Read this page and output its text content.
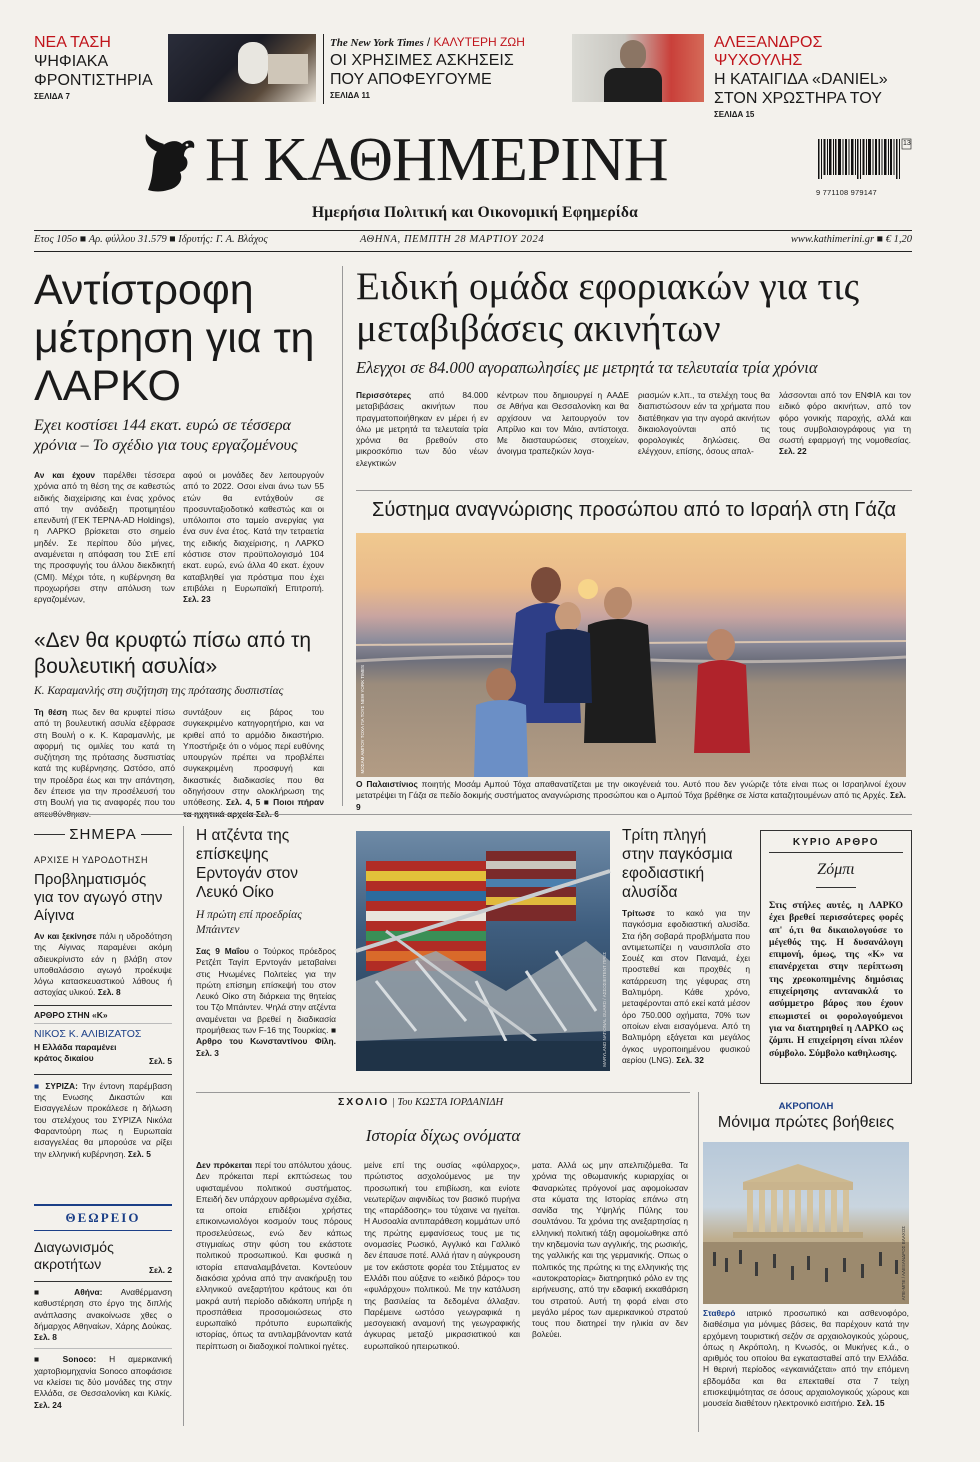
ΝΕΑ ΤΑΣΗ
ΨΗΦΙΑΚΑ ΦΡΟΝΤΙΣΤΗΡΙΑ
ΣΕΛΙΔΑ 7
The New York Times / ΚΑΛΥΤΕΡΗ ΖΩΗ
ΟΙ ΧΡΗΣΙΜΕΣ ΑΣΚΗΣΕΙΣ ΠΟΥ ΑΠΟΦΕΥΓΟΥΜΕ
ΣΕΛΙΔΑ 11
ΑΛΕΞΑΝΔΡΟΣ ΨΥΧΟΥΛΗΣ
Η ΚΑΤΑΙΓΙΔΑ «DANIEL» ΣΤΟΝ ΧΡΩΣΤΗΡΑ ΤΟΥ
ΣΕΛΙΔΑ 15
Η ΚΑΘΗΜΕΡΙΝΗ	13
9 771108 979147
Ημερήσια Πολιτική και Οικονομική Εφημερίδα
Ετος 105ο ■ Αρ. φύλλου 31.579 ■ Ιδρυτής: Γ. Α. Βλάχος	ΑΘΗΝΑ, ΠΕΜΠΤΗ 28 ΜΑΡΤΙΟΥ 2024	www.kathimerini.gr ■ € 1,20
Αντίστροφη μέτρηση για τη ΛΑΡΚΟ
Εχει κοστίσει 144 εκατ. ευρώ σε τέσσερα χρόνια – Το σχέδιο για τους εργαζομένους
Αν και έχουν παρέλθει τέσσερα χρόνια από τη θέση της σε καθεστώς ειδικής διαχείρισης και ένας χρόνος από την ανάδειξη προτιμητέου επενδυτή (ΓΕΚ ΤΕΡΝΑ-AD Holdings), η ΛΑΡΚΟ βρίσκεται στο σημείο μηδέν. Σε περίπου δύο μήνες, αναμένεται η απόφαση του ΣτΕ επί της προσφυγής του άλλου διεκδικητή (CMI). Μέχρι τότε, η κυβέρνηση θα προχωρήσει στην απόλυση των εργαζομένων,
αφού οι μονάδες δεν λειτουργούν από το 2022. Οσοι είναι άνω των 55 ετών θα εντάχθούν σε προσυνταξιοδοτικό καθεστώς και οι υπόλοιποι στο ταμείο ανεργίας για ένα συν ένα έτος. Κατά την τετραετία της ειδικής διαχείρισης, η ΛΑΡΚΟ κόστισε στον προϋπολογισμό 104 εκατ. ευρώ, ενώ άλλα 40 εκατ. έχουν καταβληθεί για πρόστιμα που έχει επιβάλει η Ευρωπαϊκή Επιτροπή. Σελ. 23
«Δεν θα κρυφτώ πίσω από τη βουλευτική ασυλία»
Κ. Καραμανλής στη συζήτηση της πρότασης δυσπιστίας
Τη θέση πως δεν θα κρυφτεί πίσω από τη βουλευτική ασυλία εξέφρασε στη Βουλή ο κ. Κ. Καραμανλής, με αφορμή τις ομιλίες του κατά τη συζήτηση της πρότασης δυσπιστίας κατά της κυβέρνησης. Ωστόσο, από την προέδρα έως και την απάντηση, δεν έπεισε για την προσέλευσή του στη Βουλή για τις αναφορές που του
συντάξουν εις βάρος του συγκεκριμένο κατηγορητήριο, και να κριθεί από το αρμόδιο δικαστήριο. Υποστήριξε ότι ο νόμος περί ευθύνης υπουργών πρέπει να προβλέπει συγκεκριμένη προσφυγή και δικαστικές διαδικασίες που θα οδηγήσουν στην ολοκλήρωση της υπόθεσης. Σελ. 4, 5 ■ Ποιοι πήραν
Ειδική ομάδα εφοριακών για τις μεταβιβάσεις ακινήτων
Ελεγχοι σε 84.000 αγοραπωλησίες με μετρητά τα τελευταία τρία χρόνια
Περισσότερες από 84.000 μεταβιβάσεις ακινήτων που πραγματοποιήθηκαν εν μέρει ή εν όλω με μετρητά τα τελευταία τρία χρόνια θα βρεθούν στο μικροσκόπιο των δύο νέων ελεγκτικών
κέντρων που δημιουργεί η ΑΑΔΕ σε Αθήνα και Θεσσαλονίκη και θα αρχίσουν να λειτουργούν τον Απρίλιο και τον Μάιο, αντίστοιχα. Με διασταυρώσεις στοιχείων, άνοιγμα τραπεζικών λογα-
ριασμών κ.λπ., τα στελέχη τους θα διαπιστώσουν εάν τα χρήματα που διατέθηκαν για την αγορά ακινήτων δικαιολογούνται από τις φορολογικές δηλώσεις. Θα ελέγχουν, επίσης, όσους απαλ-
λάσσονται από τον ΕΝΦΙΑ και τον ειδικό φόρο ακινήτων, από τον φόρο γονικής παροχής, αλλά και τους συμβολαιογράφους για τη σωστή εφαρμογή της νομοθεσίας. Σελ. 22
Σύστημα αναγνώρισης προσώπου από το Ισραήλ στη Γάζα
ΜΟΣΑΜ ΑΜΠΟΥ ΤΟΧΑ ΓΙΑ ΤΟΥΣ NEW YORK TIMES
Ο Παλαιστίνιος ποιητής Μοσάμ Αμπού Τόχα απαθανατίζεται με την οικογένειά του. Αυτό που δεν γνώριζε τότε είναι πως οι Ισραηλινοί έχουν μετατρέψει τη Γάζα σε πεδίο δοκιμής συστήματος αναγνώρισης προσώπου και ο Αμπού Τόχα βρέθηκε σε λίστα καταζητουμένων από τις Αρχές. Σελ. 9
ΣΗΜΕΡΑ
ΑΡΧΙΣΕ Η ΥΔΡΟΔΟΤΗΣΗ
Προβληματισμός για τον αγωγό στην Αίγινα
Αν και ξεκίνησε πάλι η υδροδότηση της Αίγινας παραμένει ακόμη αδιευκρίνιστο εάν η βλάβη στον υποθαλάσσιο αγωγό προέκυψε λόγω κατασκευαστικού λάθους ή αστοχίας υλικού. Σελ. 8
ΑΡΘΡΟ ΣΤΗΝ «Κ»
ΝΙΚΟΣ Κ. ΑΛΙΒΙΖΑΤΟΣ
Η Ελλάδα παραμένει κράτος δικαίου	Σελ. 5
■ ΣΥΡΙΖΑ: Την έντονη παρέμβαση της Ενωσης Δικαστών και Εισαγγελέων προκάλεσε η δήλωση του στελέχους του ΣΥΡΙΖΑ Νικόλα Φαραντούρη πως η Ευρωπαία εισαγγελέας θα μπορούσε να ρίξει την ελληνική κυβέρνηση. Σελ. 5
ΘΕΩΡΕΙΟ
Διαγωνισμός ακροτήτων	Σελ. 2
■ Αθήνα: Αναθέρμανση καθυστέρηση στο έργο της διπλής ανάπλασης ανακοίνωσε χθες ο δήμαρχος Αθηναίων, Χάρης Δούκας. Σελ. 8
■ Sonoco: Η αμερικανική χαρτοβιομηχανία Sonoco αποφάσισε να κλείσει τις δύο μονάδες της στην Ελλάδα, σε Θεσσαλονίκη και Κιλκίς. Σελ. 24
Η ατζέντα της επίσκεψης Ερντογάν στον Λευκό Οίκο
Η πρώτη επί προεδρίας Μπάιντεν
Σας 9 Μαΐου ο Τούρκος πρόεδρος Ρετζέπ Ταγίπ Ερντογάν μεταβαίνει στις Ηνωμένες Πολιτείες για την πρώτη επίσημη επίσκεψή του στον Λευκό Οίκο στη διάρκεια της θητείας του Τζο Μπάιντεν. Ψηλά στην ατζέντα αναμένεται να βρεθεί η διαδικασία προμήθειας των F-16 της Τουρκίας. ■ Αρθρο του Κωνσταντίνου Φίλη. Σελ. 3	MARYLAND NATIONAL GUARD / ΑΣΣΟΣΙΕΙΤΕΝΤ ΠΡΕΣ
Τρίτη πληγή στην παγκόσμια εφοδιαστική αλυσίδα
Τρίτωσε το κακό για την παγκόσμια εφοδιαστική αλυσίδα. Στα ήδη σοβαρά προβλήματα που αντιμετωπίζει η ναυσιπλοΐα στο Σουέζ και στον Παναμά, έχει προστεθεί και προχθές η κατάρρευση της γέφυρας στη Βαλτιμόρη. Κάθε χρόνο, μεταφέρονται από εκεί κατά μέσον όρο 750.000 οχήματα, 70% των οποίων είναι εισαγόμενα. Από τη Βαλτιμόρη εξάγεται και μεγάλος όγκος υγροποιημένου φυσικού αερίου (LNG). Σελ. 32
ΚΥΡΙΟ ΑΡΘΡΟ
Ζόμπι
Στις στήλες αυτές, η ΛΑΡΚΟ έχει βρεθεί περισσότερες φορές απ' ό,τι θα δικαιολογούσε το μέγεθός της. Η δυσανάλογη επιμονή, όμως, της «Κ» να επανέρχεται στην περίπτωση της χρεοκοπημένης δημόσιας επιχείρησης αντανακλά το ασύμμετρο βάρος που έχουν επωμιστεί οι φορολογούμενοι για να διατηρηθεί η ΛΑΡΚΟ ως ζόμπι. Η επιχείρηση είναι πλέον σύμβολο. Σύμβολο καθηλωσης.
ΣΧΟΛΙΟ | Του ΚΩΣΤΑ ΙΟΡΔΑΝΙΔΗ
Ιστορία δίχως ονόματα
Δεν πρόκειται περί του απόλυτου χάους. Δεν πρόκειται περί εκπτώσεως του υφισταμένου πολιτικού συστήματος. Επειδή δεν υπάρχουν αρθρωμένα σχέδια, τα οποία επιδέξιοι χρήστες επικοινωνιολόγοι κοσμούν τους πόρους προσελεύσεως, ενώ δεν κάπως στιγμιαίως στην φύση του εκάστοτε πολιτικού προσωπικού. Και φυσικά η ιστορία επαναλαμβάνεται. Κοντεύουν διακόσια χρόνια από την ανακήρυξη του ελληνικού ανεξαρτήτου κράτους και ότι μακρά αυτή περίοδο αδιάκοπη υπήρξε η προσπάθεια προσομοιώσεως στο ευρωπαϊκό πρότυπο ευρωπαϊκής ιστορίας, όπως τα αντιλαμβάνονταν κατά περίπτωση οι διαδοχικοί πολιτικοί ηγέτες.
μείνε επί της ουσίας «φύλαρχος», πρώτιστος ασχολούμενος με την προσωπική του επιβίωση, και ενίοτε νεωτερίζων αιφνιδίως τον βασικό πυρήνα της «παράδοσης» του τύχαινε να ηγείται. Η Αυσοαλία αντιπαράθεση κομμάτων υπό της πρώτης εμφανίσεως τους με τις ονομασίες Ρωσικό, Αγγλικό και Γαλλικό δεν έπαυσε ποτέ. Αλλά ήταν η αύγκρουση με τον εκάστοτε φορέα του Στέμματος εν Ελλάδι που αύξανε το «ειδικό βάρος» του «φυλάρχου» πολιτικού. Με την κατάλυση της βασιλείας τα δεδομένα άλλαξαν. Παρέμεινε ωστόσο γεωγραφικά η μεσογειακή αναμονή της γεωγραφικής άγκυρας μεταξύ μικρασιατικού και ευρωπαϊκού ηπειρωτικού.
ματα. Αλλά ως μην απελπιζόμεθα. Τα χρόνια της οθωμανικής κυριαρχίας οι Φαναριώτες πρόγονοί μας αφομοίωσαν στα κύματα της Ιστορίας επάνω στη σανίδα της Υψηλής Πύλης του σουλτάνου. Τα χρόνια της ανεξαρτησίας η ελληνική πολιτική τάξη αφομοίωθηκε από την κηδεμονία των αγγλικής, της ρωσικής, της γαλλικής και της γερμανικής. Οπως ο πολιτικός της πρώτης κι της ελληνικής της «αυτοκρατορίας» διατηρητικό ρόλο εν της ειρήνευσης, από την εδαφική εκκαθάριση του στρατού. Αυτή τη φορά είναι στο μεγάλο μέρος των αμερικανικού στρατού τους που διατηρεί την ηλικία αν δεν βολεύει.
ΑΚΡΟΠΟΛΗ
Μόνιμα πρώτες βοήθειες
ΑΠΕ-ΜΠΕ / ΑΛΕΞΑΝΔΡΟΣ ΒΛΑΧΟΣ
Σταθερό ιατρικό προσωπικό και ασθενοφόρο, διαθέσιμα για μόνιμες βάσεις, θα παρέχουν κατά την ερχόμενη τουριστική σεζόν σε αρχαιολογικούς χώρους, όπως η Ακρόπολη, η Κνωσός, οι Μυκήνες κ.ά., ο αριθμός του οποίου θα εγκατασταθεί από την Ελλάδα. Η θερινή περίοδος «εγκαινιάζεται» από την επόμενη εβδομάδα και θα επεκταθεί στα 7 τείχη επισκεψιμότητας σε όσους αρχαιολογικούς χώρους και μουσεία διαθέτουν ηλεκτρονικό εισιτήριο. Σελ. 15
